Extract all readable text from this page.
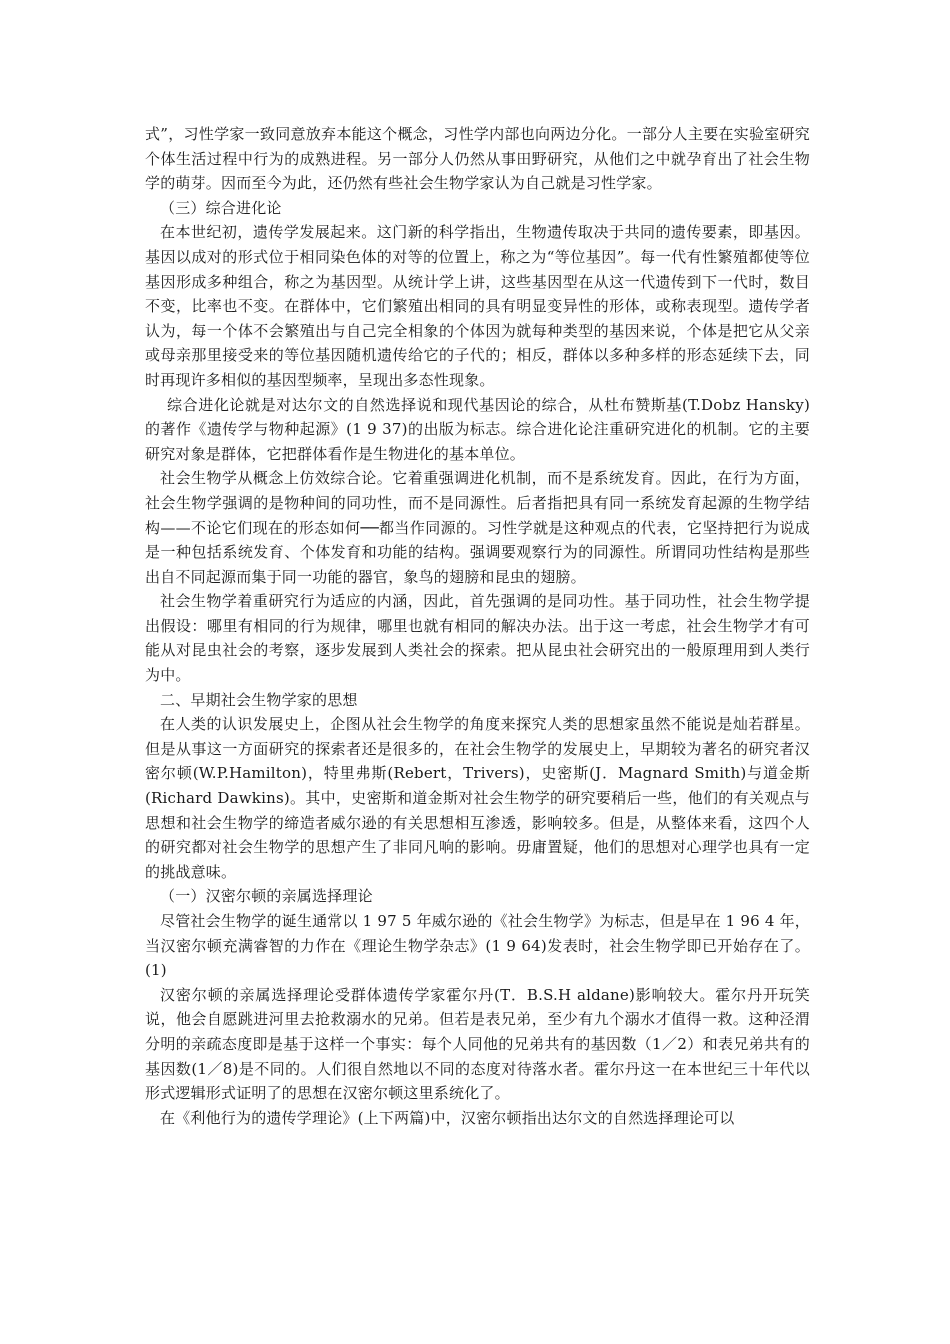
式”，习性学家一致同意放弃本能这个概念，习性学内部也向两边分化。一部分人主要在实验室研究个体生活过程中行为的成熟进程。另一部分人仍然从事田野研究，从他们之中就孕育出了社会生物学的萌芽。因而至今为此，还仍然有些社会生物学家认为自己就是习性学家。

（三）综合进化论

在本世纪初，遗传学发展起来。这门新的科学指出，生物遗传取决于共同的遗传要素，即基因。基因以成对的形式位于相同染色体的对等的位置上，称之为“等位基因”。每一代有性繁殖都使等位基因形成多种组合，称之为基因型。从统计学上讲，这些基因型在从这一代遗传到下一代时，数目不变，比率也不变。在群体中，它们繁殖出相同的具有明显变异性的形体，或称表现型。遗传学者认为，每一个体不会繁殖出与自己完全相象的个体因为就每种类型的基因来说，个体是把它从父亲或母亲那里接受来的等位基因随机遗传给它的子代的；相反，群体以多种多样的形态延续下去，同时再现许多相似的基因型频率，呈现出多态性现象。

综合进化论就是对达尔文的自然选择说和现代基因论的综合，从杜布赞斯基(T.Dobz Hansky)的著作《遗传学与物种起源》(1 9 37)的出版为标志。综合进化论注重研究进化的机制。它的主要研究对象是群体，它把群体看作是生物进化的基本单位。

社会生物学从概念上仿效综合论。它着重强调进化机制，而不是系统发育。因此，在行为方面，社会生物学强调的是物种间的同功性，而不是同源性。后者指把具有同一系统发育起源的生物学结构——不论它们现在的形态如何──都当作同源的。习性学就是这种观点的代表，它坚持把行为说成是一种包括系统发育、个体发育和功能的结构。强调要观察行为的同源性。所谓同功性结构是那些出自不同起源而集于同一功能的器官，象鸟的翅膀和昆虫的翅膀。

社会生物学着重研究行为适应的内涵，因此，首先强调的是同功性。基于同功性，社会生物学提出假设：哪里有相同的行为规律，哪里也就有相同的解决办法。出于这一考虑，社会生物学才有可能从对昆虫社会的考察，逐步发展到人类社会的探索。把从昆虫社会研究出的一般原理用到人类行为中。

二、早期社会生物学家的思想

在人类的认识发展史上，企图从社会生物学的角度来探究人类的思想家虽然不能说是灿若群星。但是从事这一方面研究的探索者还是很多的，在社会生物学的发展史上，早期较为著名的研究者汉密尔顿(W.P.Hamilton)，特里弗斯(Rebert，Trivers)，史密斯(J．Magnard Smith)与道金斯(Richard Dawkins)。其中，史密斯和道金斯对社会生物学的研究要稍后一些，他们的有关观点与思想和社会生物学的缔造者威尔逊的有关思想相互渗透，影响较多。但是，从整体来看，这四个人的研究都对社会生物学的思想产生了非同凡响的影响。毋庸置疑，他们的思想对心理学也具有一定的挑战意味。

（一）汉密尔顿的亲属选择理论

尽管社会生物学的诞生通常以 1 97 5 年威尔逊的《社会生物学》为标志，但是早在 1 96 4 年，当汉密尔顿充满睿智的力作在《理论生物学杂志》(1 9 64)发表时，社会生物学即已开始存在了。(1)

汉密尔顿的亲属选择理论受群体遗传学家霍尔丹(T．B.S.H aldane)影响较大。霍尔丹开玩笑说，他会自愿跳进河里去抢救溺水的兄弟。但若是表兄弟，至少有九个溺水才值得一救。这种泾渭分明的亲疏态度即是基于这样一个事实：每个人同他的兄弟共有的基因数（1／2）和表兄弟共有的基因数(1／8)是不同的。人们很自然地以不同的态度对待落水者。霍尔丹这一在本世纪三十年代以形式逻辑形式证明了的思想在汉密尔顿这里系统化了。

在《利他行为的遗传学理论》(上下两篇)中，汉密尔顿指出达尔文的自然选择理论可以
